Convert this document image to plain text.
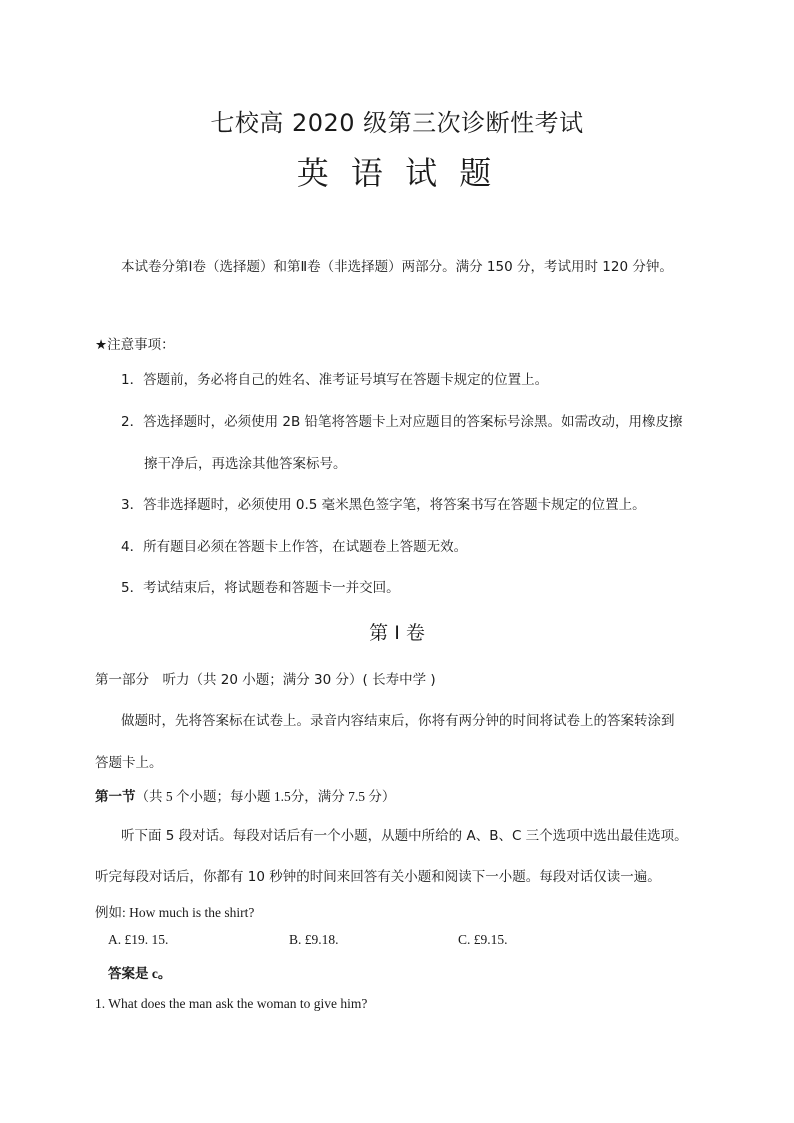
七校高 2020 级第三次诊断性考试
英 语 试 题
本试卷分第Ⅰ卷（选择题）和第Ⅱ卷（非选择题）两部分。满分 150 分，考试用时 120 分钟。
★注意事项：
1．答题前，务必将自己的姓名、准考证号填写在答题卡规定的位置上。
2．答选择题时，必须使用 2B 铅笔将答题卡上对应题目的答案标号涂黑。如需改动，用橡皮擦
擦干净后，再选涂其他答案标号。
3．答非选择题时，必须使用 0.5 毫米黑色签字笔，将答案书写在答题卡规定的位置上。
4．所有题目必须在答题卡上作答，在试题卷上答题无效。
5．考试结束后，将试题卷和答题卡一并交回。
第 I 卷
第一部分　听力（共 20 小题；满分 30 分）( 长寿中学 )
做题时，先将答案标在试卷上。录音内容结束后，你将有两分钟的时间将试卷上的答案转涂到
答题卡上。
第一节（共 5 个小题；每小题 1.5分，满分 7.5 分）
听下面 5 段对话。每段对话后有一个小题，从题中所给的 A、B、C 三个选项中选出最佳选项。
听完每段对话后，你都有 10 秒钟的时间来回答有关小题和阅读下一小题。每段对话仅读一遍。
例如: How much is the shirt?
A. £19. 15.	B. £9.18.	C. £9.15.
答案是 c。
1. What does the man ask the woman to give him?
